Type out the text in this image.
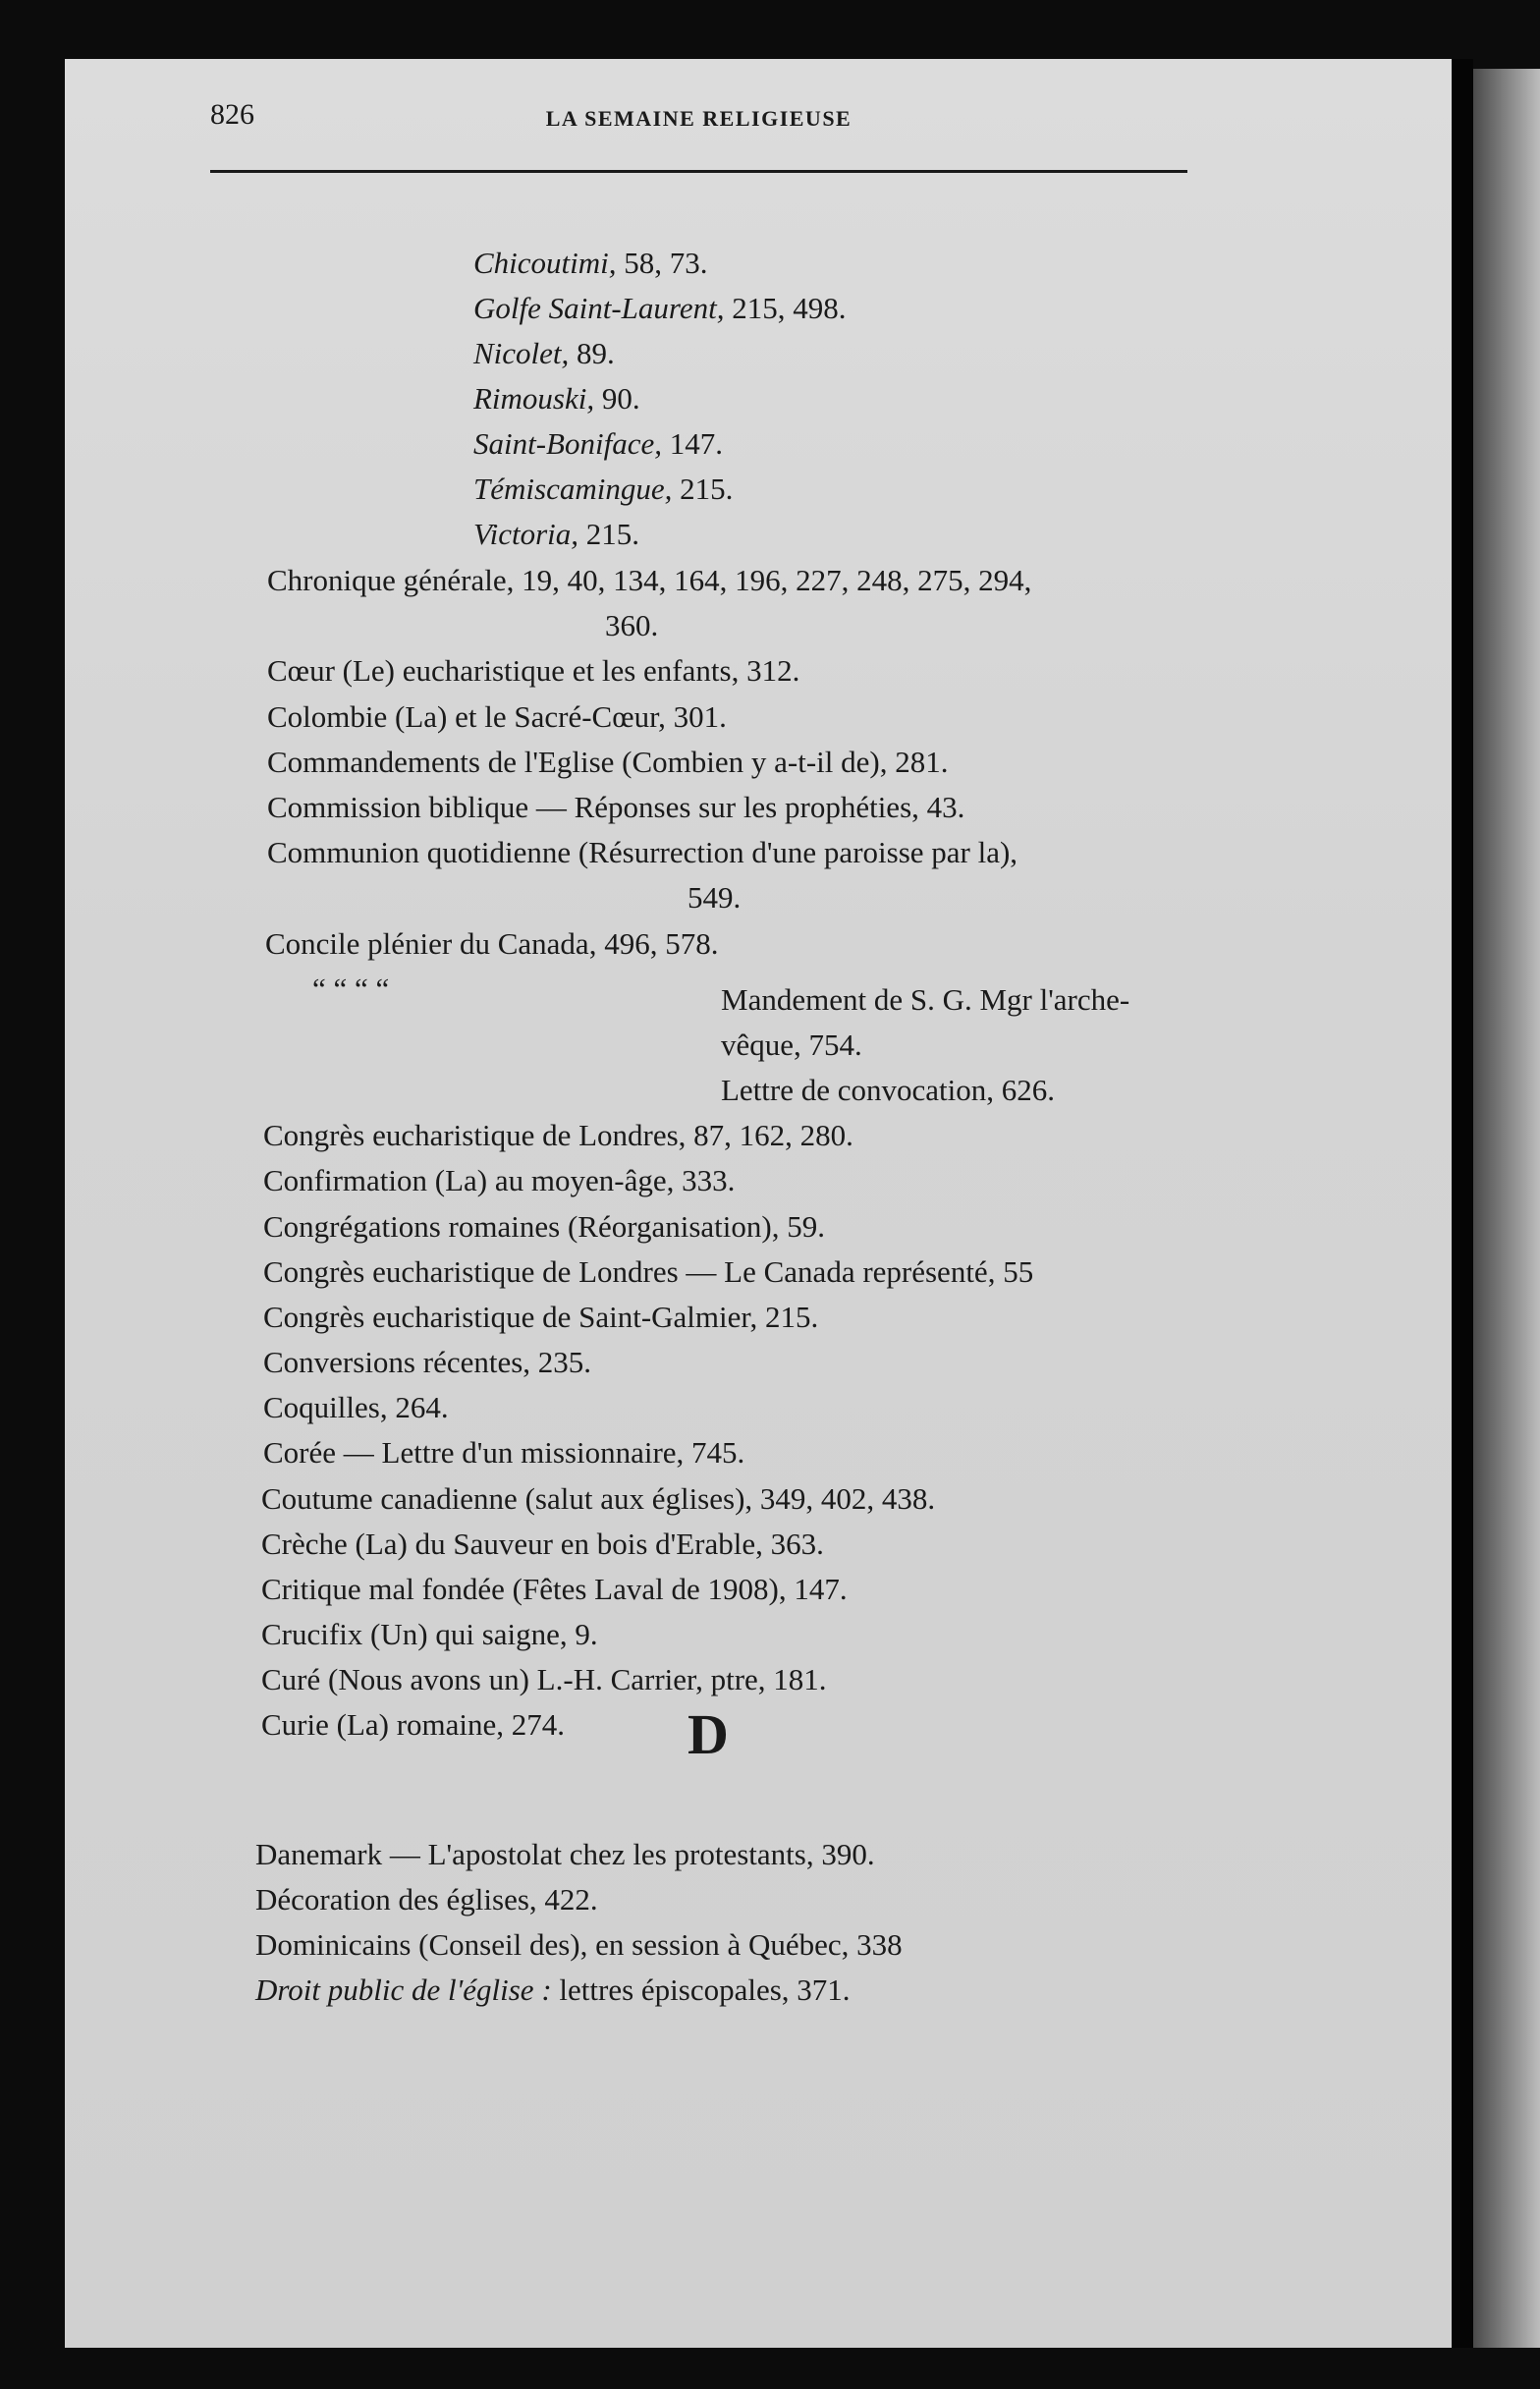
826	LA SEMAINE RELIGIEUSE
Chicoutimi, 58, 73.
Golfe Saint-Laurent, 215, 498.
Nicolet, 89.
Rimouski, 90.
Saint-Boniface, 147.
Témiscamingue, 215.
Victoria, 215.
Chronique générale, 19, 40, 134, 164, 196, 227, 248, 275, 294,
360.
Cœur (Le) eucharistique et les enfants, 312.
Colombie (La) et le Sacré-Cœur, 301.
Commandements de l'Eglise (Combien y a-t-il de), 281.
Commission biblique — Réponses sur les prophéties, 43.
Communion quotidienne (Résurrection d'une paroisse par la),
549.
Concile plénier du Canada, 496, 578.
“ “ “ “	Mandement de S. G. Mgr l'arche-
vêque, 754.
Lettre de convocation, 626.
Congrès eucharistique de Londres, 87, 162, 280.
Confirmation (La) au moyen-âge, 333.
Congrégations romaines (Réorganisation), 59.
Congrès eucharistique de Londres — Le Canada représenté, 55
Congrès eucharistique de Saint-Galmier, 215.
Conversions récentes, 235.
Coquilles, 264.
Corée — Lettre d'un missionnaire, 745.
Coutume canadienne (salut aux églises), 349, 402, 438.
Crèche (La) du Sauveur en bois d'Erable, 363.
Critique mal fondée (Fêtes Laval de 1908), 147.
Crucifix (Un) qui saigne, 9.
Curé (Nous avons un) L.-H. Carrier, ptre, 181.
Curie (La) romaine, 274. D
Danemark — L'apostolat chez les protestants, 390.
Décoration des églises, 422.
Dominicains (Conseil des), en session à Québec, 338
Droit public de l'église : lettres épiscopales, 371.
